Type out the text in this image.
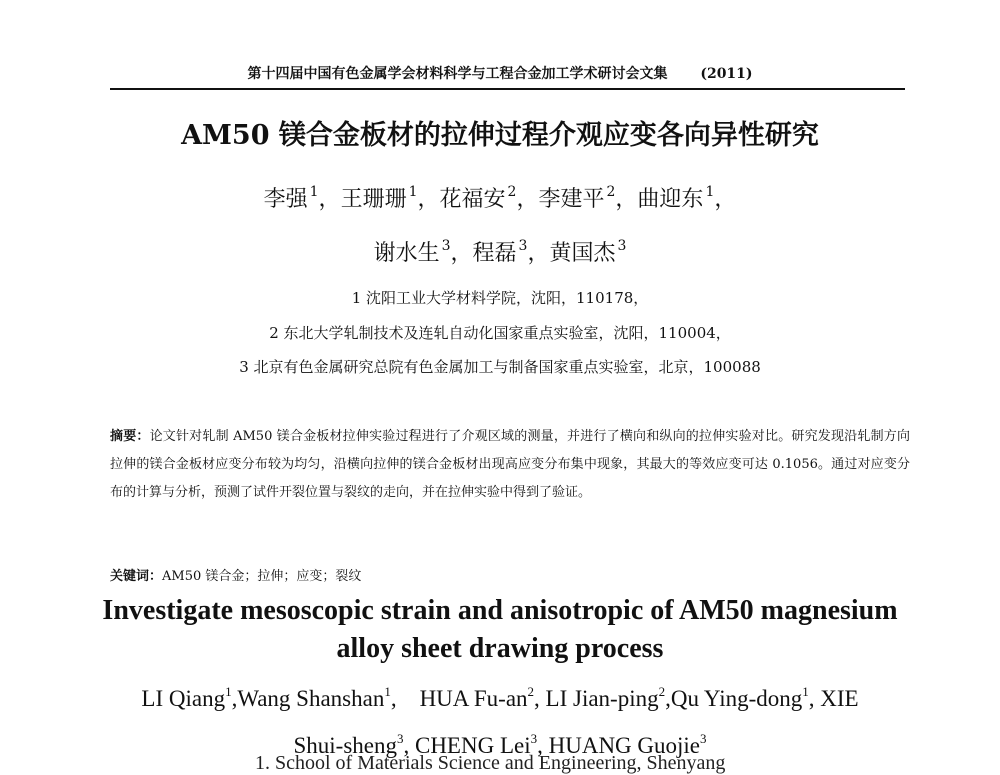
第十四届中国有色金属学会材料科学与工程合金加工学术研讨会文集 (2011)
AM50 镁合金板材的拉伸过程介观应变各向异性研究
李强 $^1$，王珊珊 $^1$，花福安 $^2$，李建平 $^2$，曲迎东 $^1$，
谢水生 $^3$，程磊 $^3$，黄国杰 $^3$
1 沈阳工业大学材料学院，沈阳，110178，
2 东北大学轧制技术及连轧自动化国家重点实验室，沈阳，110004，
3 北京有色金属研究总院有色金属加工与制备国家重点实验室，北京，100088
摘要：论文针对轧制 AM50 镁合金板材拉伸实验过程进行了介观区域的测量，并进行了横向和纵向的拉伸实验对比。研究发现沿轧制方向拉伸的镁合金板材应变分布较为均匀，沿横向拉伸的镁合金板材出现高应变分布集中现象，其最大的等效应变可达 0.1056。通过对应变分布的计算与分析，预测了试件开裂位置与裂纹的走向，并在拉伸实验中得到了验证。
关键词：AM50 镁合金；拉伸；应变；裂纹
Investigate mesoscopic strain and anisotropic of AM50 magnesium
alloy sheet drawing process
LI Qiang$^1$,Wang Shanshan$^1$,    HUA $Fu-an^2$, LI Jian-ping$^2$,Qu Ying-dong$^1$, XIE
Shui-sheng$^3$, CHENG Lei$^3$, HUANG Guojie$^3$
1. School of Materials Science and Engineering, Shenyang
